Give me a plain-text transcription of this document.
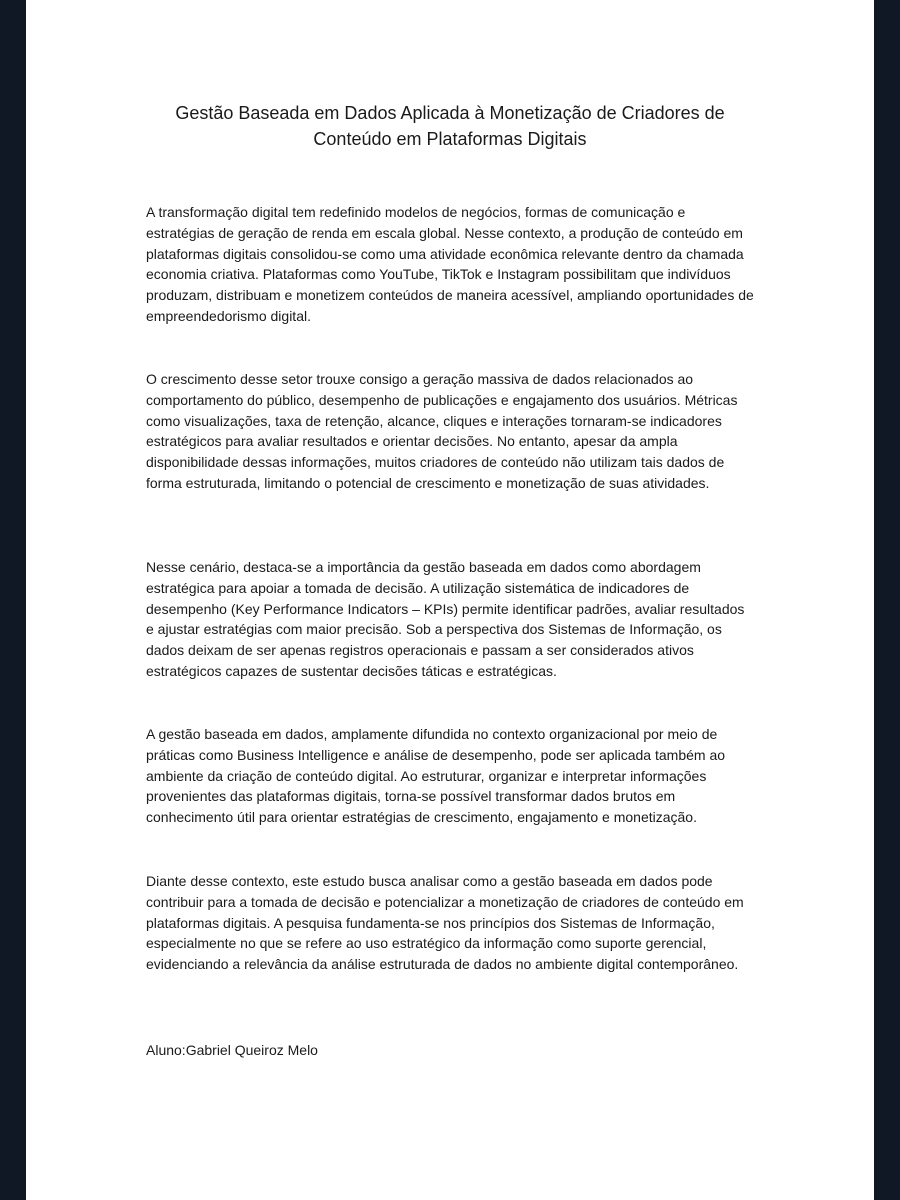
Gestão Baseada em Dados Aplicada à Monetização de Criadores de Conteúdo em Plataformas Digitais

A transformação digital tem redefinido modelos de negócios, formas de comunicação e estratégias de geração de renda em escala global. Nesse contexto, a produção de conteúdo em plataformas digitais consolidou-se como uma atividade econômica relevante dentro da chamada economia criativa. Plataformas como YouTube, TikTok e Instagram possibilitam que indivíduos produzam, distribuam e monetizem conteúdos de maneira acessível, ampliando oportunidades de empreendedorismo digital.

O crescimento desse setor trouxe consigo a geração massiva de dados relacionados ao comportamento do público, desempenho de publicações e engajamento dos usuários. Métricas como visualizações, taxa de retenção, alcance, cliques e interações tornaram-se indicadores estratégicos para avaliar resultados e orientar decisões. No entanto, apesar da ampla disponibilidade dessas informações, muitos criadores de conteúdo não utilizam tais dados de forma estruturada, limitando o potencial de crescimento e monetização de suas atividades.

Nesse cenário, destaca-se a importância da gestão baseada em dados como abordagem estratégica para apoiar a tomada de decisão. A utilização sistemática de indicadores de desempenho (Key Performance Indicators – KPIs) permite identificar padrões, avaliar resultados e ajustar estratégias com maior precisão. Sob a perspectiva dos Sistemas de Informação, os dados deixam de ser apenas registros operacionais e passam a ser considerados ativos estratégicos capazes de sustentar decisões táticas e estratégicas.

A gestão baseada em dados, amplamente difundida no contexto organizacional por meio de práticas como Business Intelligence e análise de desempenho, pode ser aplicada também ao ambiente da criação de conteúdo digital. Ao estruturar, organizar e interpretar informações provenientes das plataformas digitais, torna-se possível transformar dados brutos em conhecimento útil para orientar estratégias de crescimento, engajamento e monetização.

Diante desse contexto, este estudo busca analisar como a gestão baseada em dados pode contribuir para a tomada de decisão e potencializar a monetização de criadores de conteúdo em plataformas digitais. A pesquisa fundamenta-se nos princípios dos Sistemas de Informação, especialmente no que se refere ao uso estratégico da informação como suporte gerencial, evidenciando a relevância da análise estruturada de dados no ambiente digital contemporâneo.

Aluno:Gabriel Queiroz Melo
